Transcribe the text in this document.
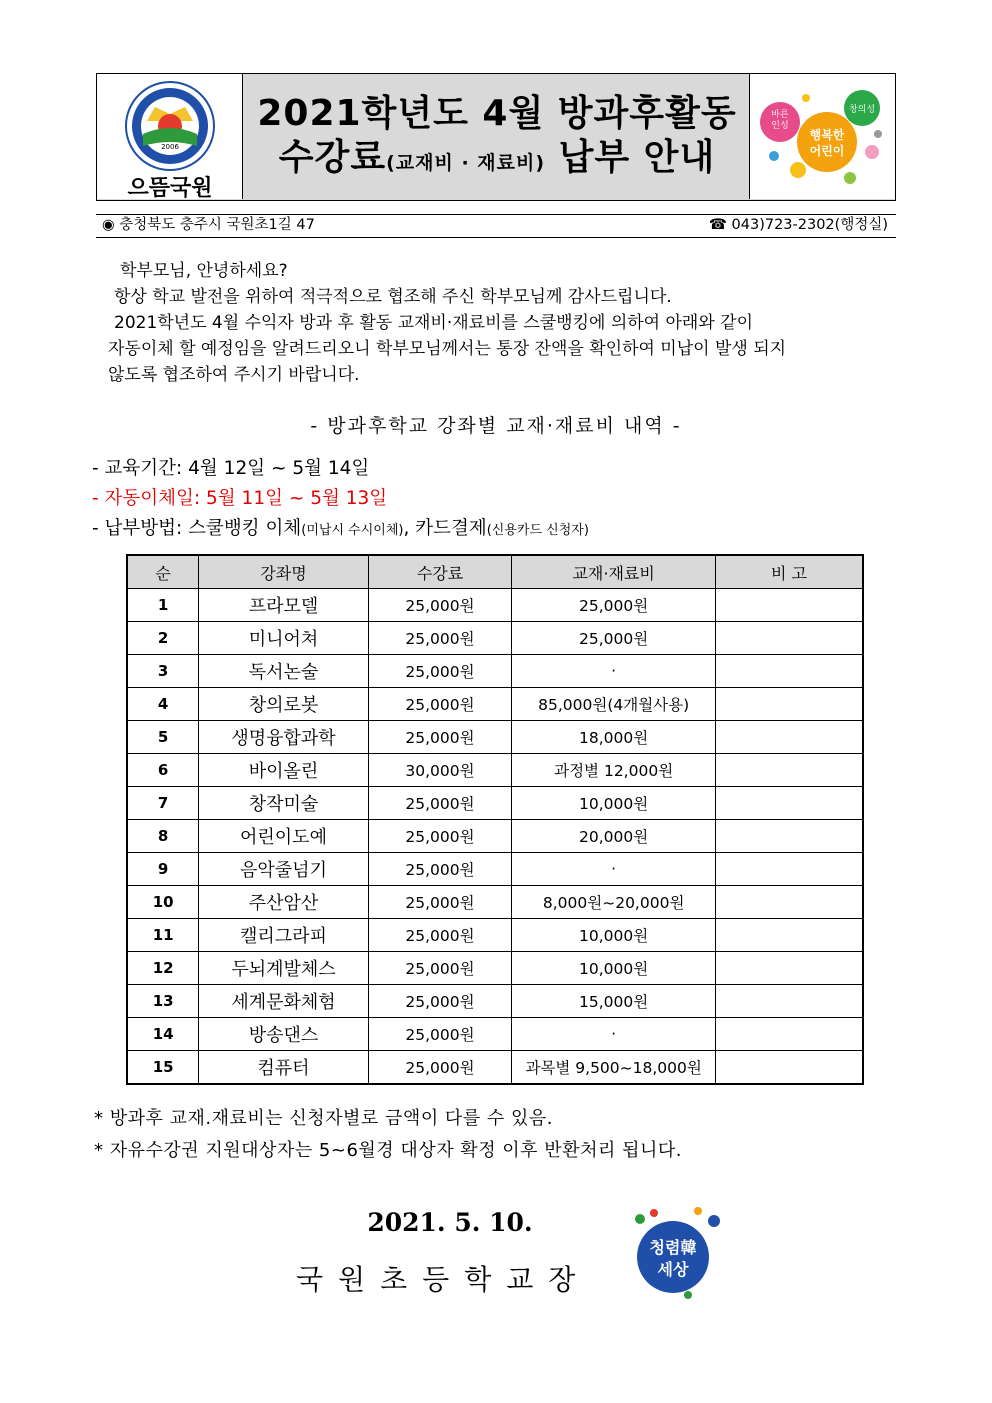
2006
으뜸국원
2021학년도 4월 방과후활동
수강료(교재비 · 재료비) 납부 안내
바른
인성
창의성
행복한
어린이
◉ 충청북도 충주시 국원초1길 47	☎ 043)723-2302(행정실)
학부모님, 안녕하세요?
항상 학교 발전을 위하여 적극적으로 협조해 주신 학부모님께 감사드립니다.
2021학년도 4월 수익자 방과 후 활동 교재비·재료비를 스쿨뱅킹에 의하여 아래와 같이
자동이체 할 예정임을 알려드리오니 학부모님께서는 통장 잔액을 확인하여 미납이 발생 되지
않도록 협조하여 주시기 바랍니다.
- 방과후학교 강좌별 교재·재료비 내역 -
- 교육기간: 4월 12일 ~ 5월 14일
- 자동이체일: 5월 11일 ~ 5월 13일
- 납부방법: 스쿨뱅킹 이체(미납시 수시이체), 카드결제(신용카드 신청자)
순	강좌명	수강료	교재·재료비	비 고
1	프라모델	25,000원	25,000원	
2	미니어쳐	25,000원	25,000원	
3	독서논술	25,000원	·	
4	창의로봇	25,000원	85,000원(4개월사용)	
5	생명융합과학	25,000원	18,000원	
6	바이올린	30,000원	과정별 12,000원	
7	창작미술	25,000원	10,000원	
8	어린이도예	25,000원	20,000원	
9	음악줄넘기	25,000원	·	
10	주산암산	25,000원	8,000원~20,000원	
11	캘리그라피	25,000원	10,000원	
12	두뇌계발체스	25,000원	10,000원	
13	세계문화체험	25,000원	15,000원	
14	방송댄스	25,000원	·	
15	컴퓨터	25,000원	과목별 9,500~18,000원	
* 방과후 교재.재료비는 신청자별로 금액이 다를 수 있음.
* 자유수강권 지원대상자는 5~6월경 대상자 확정 이후 반환처리 됩니다.
2021. 5. 10.
국원초등학교장
청렴韓
세상
